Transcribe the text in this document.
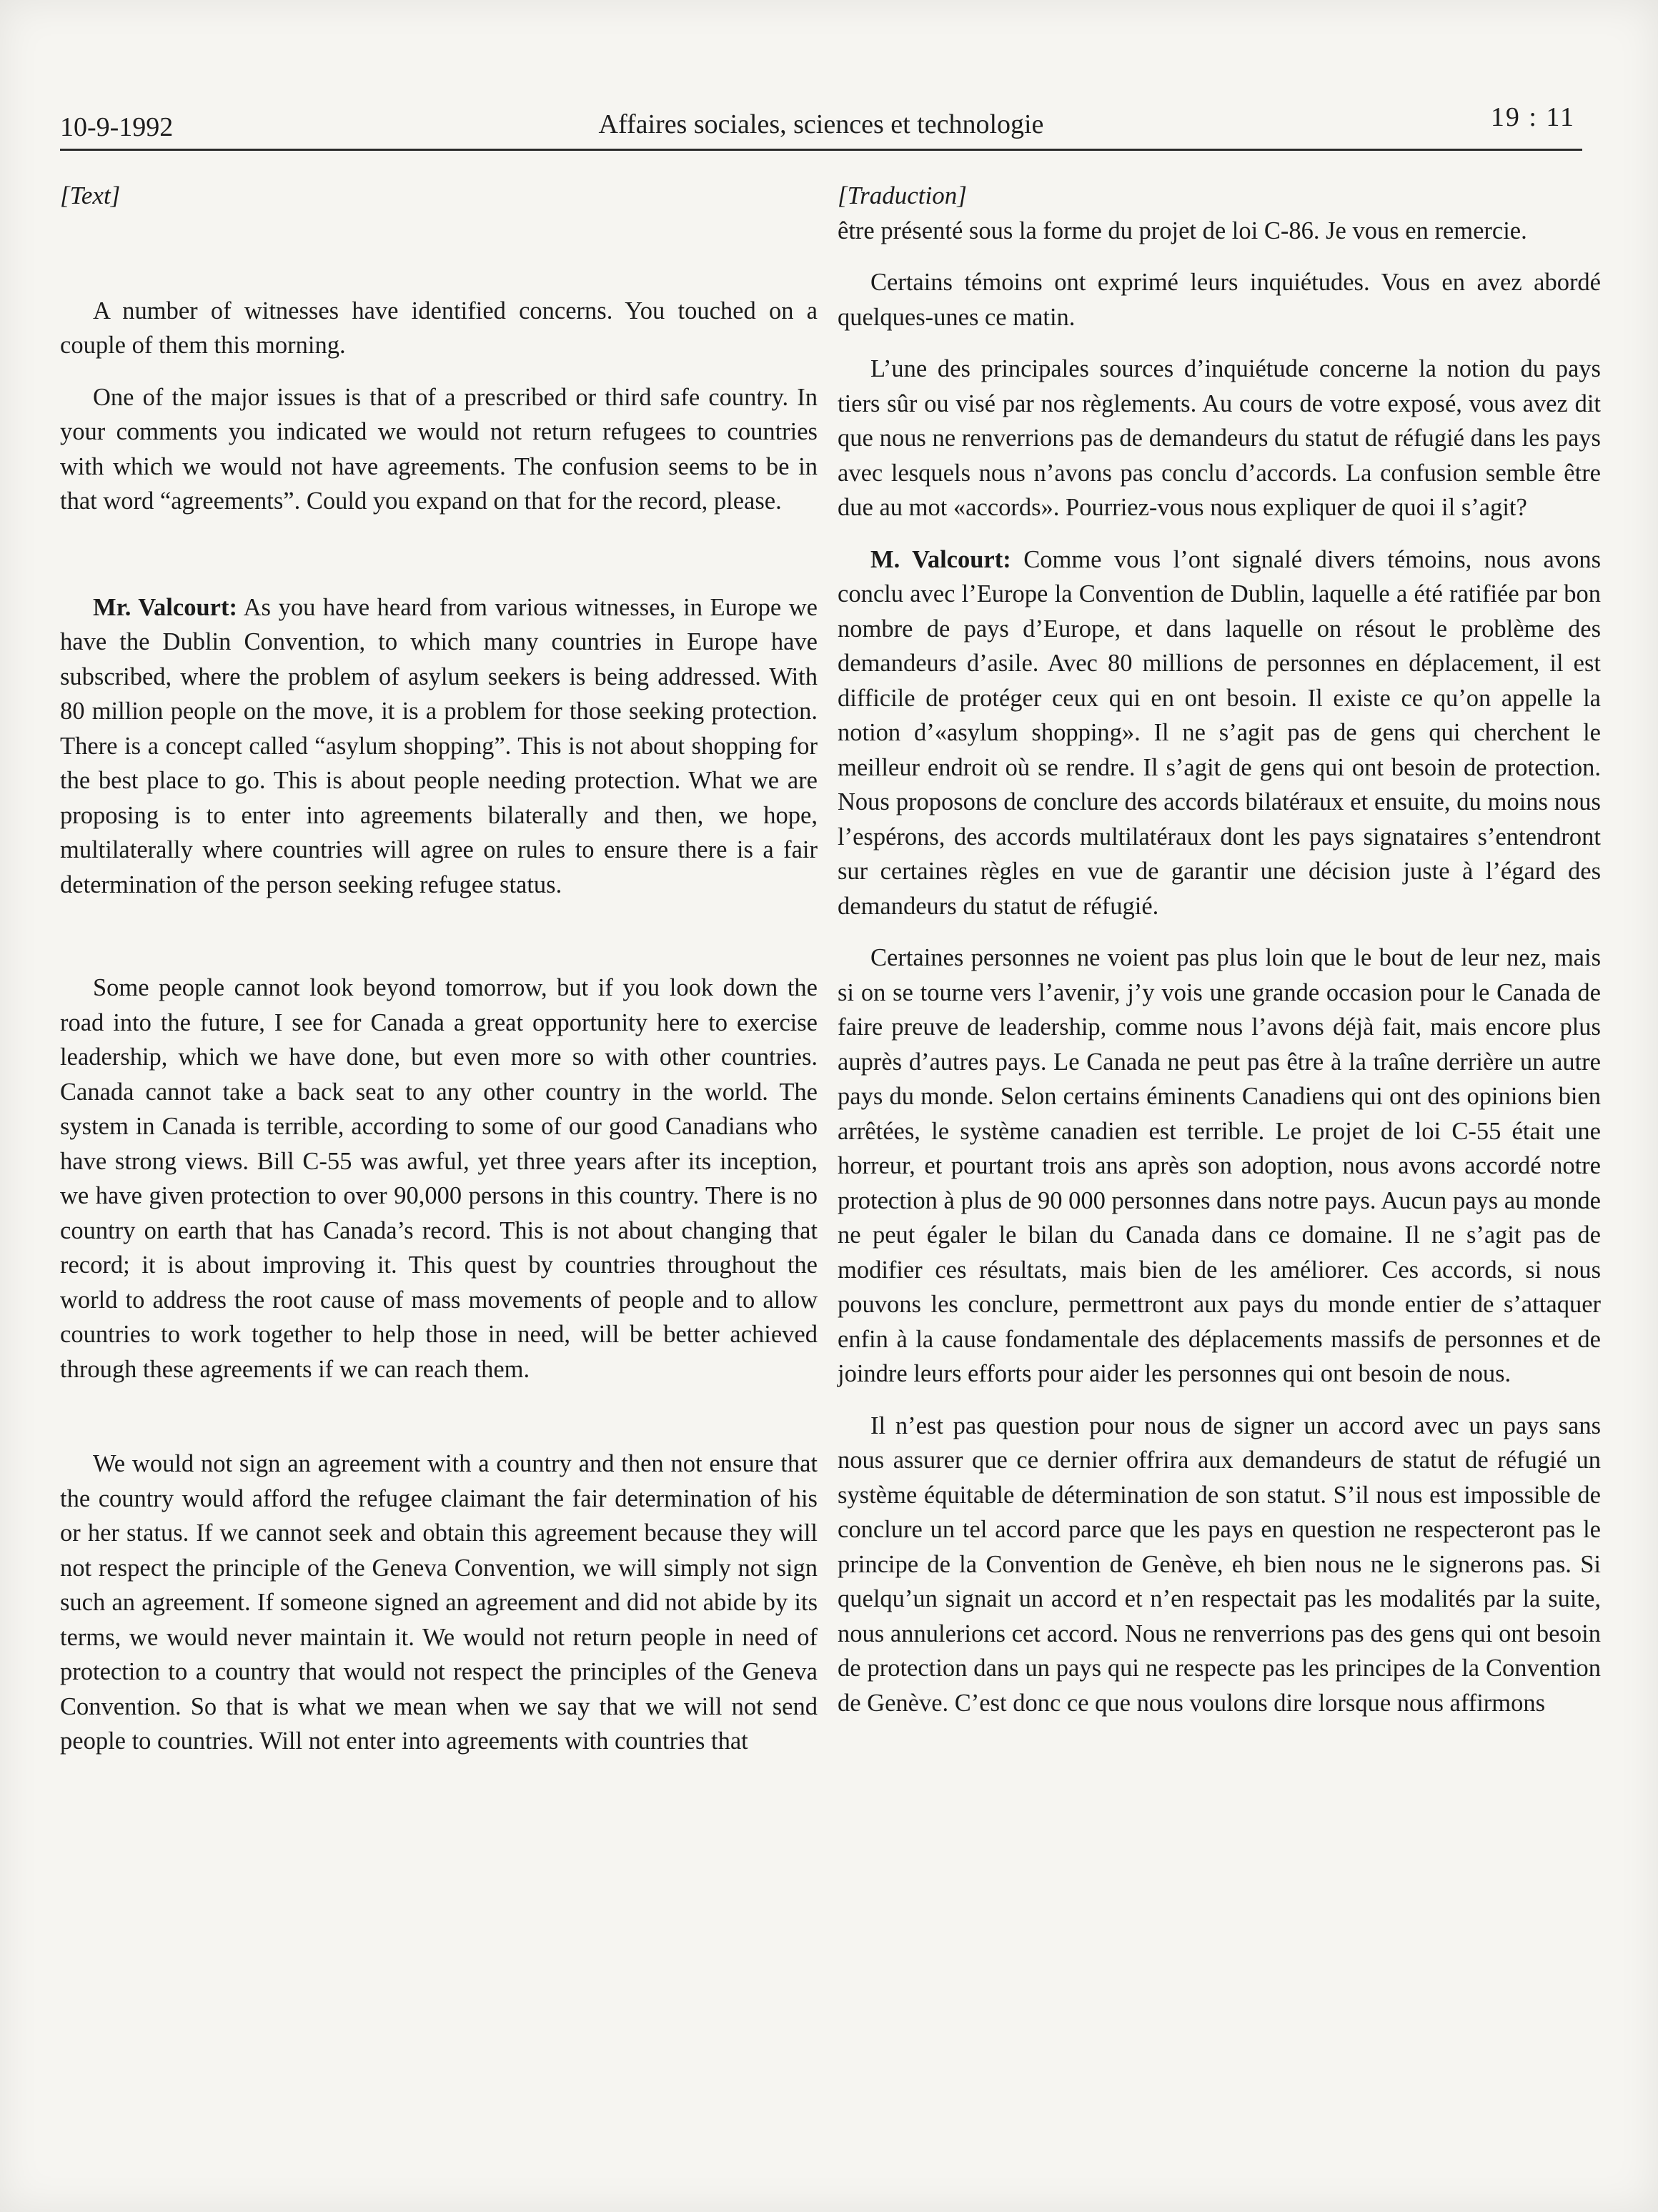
10-9-1992	Affaires sociales, sciences et technologie	19 : 11
[Text]

A number of witnesses have identified concerns. You touched on a couple of them this morning.

One of the major issues is that of a prescribed or third safe country. In your comments you indicated we would not return refugees to countries with which we would not have agreements. The confusion seems to be in that word “agreements”. Could you expand on that for the record, please.

Mr. Valcourt: As you have heard from various witnesses, in Europe we have the Dublin Convention, to which many countries in Europe have subscribed, where the problem of asylum seekers is being addressed. With 80 million people on the move, it is a problem for those seeking protection. There is a concept called “asylum shopping”. This is not about shopping for the best place to go. This is about people needing protection. What we are proposing is to enter into agreements bilaterally and then, we hope, multilaterally where countries will agree on rules to ensure there is a fair determination of the person seeking refugee status.

Some people cannot look beyond tomorrow, but if you look down the road into the future, I see for Canada a great opportunity here to exercise leadership, which we have done, but even more so with other countries. Canada cannot take a back seat to any other country in the world. The system in Canada is terrible, according to some of our good Canadians who have strong views. Bill C-55 was awful, yet three years after its inception, we have given protection to over 90,000 persons in this country. There is no country on earth that has Canada’s record. This is not about changing that record; it is about improving it. This quest by countries throughout the world to address the root cause of mass movements of people and to allow countries to work together to help those in need, will be better achieved through these agreements if we can reach them.

We would not sign an agreement with a country and then not ensure that the country would afford the refugee claimant the fair determination of his or her status. If we cannot seek and obtain this agreement because they will not respect the principle of the Geneva Convention, we will simply not sign such an agreement. If someone signed an agreement and did not abide by its terms, we would never maintain it. We would not return people in need of protection to a country that would not respect the principles of the Geneva Convention. So that is what we mean when we say that we will not send people to countries. Will not enter into agreements with countries that

[Traduction]

être présenté sous la forme du projet de loi C-86. Je vous en remercie.

Certains témoins ont exprimé leurs inquiétudes. Vous en avez abordé quelques-unes ce matin.

L’une des principales sources d’inquiétude concerne la notion du pays tiers sûr ou visé par nos règlements. Au cours de votre exposé, vous avez dit que nous ne renverrions pas de demandeurs du statut de réfugié dans les pays avec lesquels nous n’avons pas conclu d’accords. La confusion semble être due au mot «accords». Pourriez-vous nous expliquer de quoi il s’agit?

M. Valcourt: Comme vous l’ont signalé divers témoins, nous avons conclu avec l’Europe la Convention de Dublin, laquelle a été ratifiée par bon nombre de pays d’Europe, et dans laquelle on résout le problème des demandeurs d’asile. Avec 80 millions de personnes en déplacement, il est difficile de protéger ceux qui en ont besoin. Il existe ce qu’on appelle la notion d’«asylum shopping». Il ne s’agit pas de gens qui cherchent le meilleur endroit où se rendre. Il s’agit de gens qui ont besoin de protection. Nous proposons de conclure des accords bilatéraux et ensuite, du moins nous l’espérons, des accords multilatéraux dont les pays signataires s’entendront sur certaines règles en vue de garantir une décision juste à l’égard des demandeurs du statut de réfugié.

Certaines personnes ne voient pas plus loin que le bout de leur nez, mais si on se tourne vers l’avenir, j’y vois une grande occasion pour le Canada de faire preuve de leadership, comme nous l’avons déjà fait, mais encore plus auprès d’autres pays. Le Canada ne peut pas être à la traîne derrière un autre pays du monde. Selon certains éminents Canadiens qui ont des opinions bien arrêtées, le système canadien est terrible. Le projet de loi C-55 était une horreur, et pourtant trois ans après son adoption, nous avons accordé notre protection à plus de 90 000 personnes dans notre pays. Aucun pays au monde ne peut égaler le bilan du Canada dans ce domaine. Il ne s’agit pas de modifier ces résultats, mais bien de les améliorer. Ces accords, si nous pouvons les conclure, permettront aux pays du monde entier de s’attaquer enfin à la cause fondamentale des déplacements massifs de personnes et de joindre leurs efforts pour aider les personnes qui ont besoin de nous.

Il n’est pas question pour nous de signer un accord avec un pays sans nous assurer que ce dernier offrira aux demandeurs de statut de réfugié un système équitable de détermination de son statut. S’il nous est impossible de conclure un tel accord parce que les pays en question ne respecteront pas le principe de la Convention de Genève, eh bien nous ne le signerons pas. Si quelqu’un signait un accord et n’en respectait pas les modalités par la suite, nous annulerions cet accord. Nous ne renverrions pas des gens qui ont besoin de protection dans un pays qui ne respecte pas les principes de la Convention de Genève. C’est donc ce que nous voulons dire lorsque nous affirmons
